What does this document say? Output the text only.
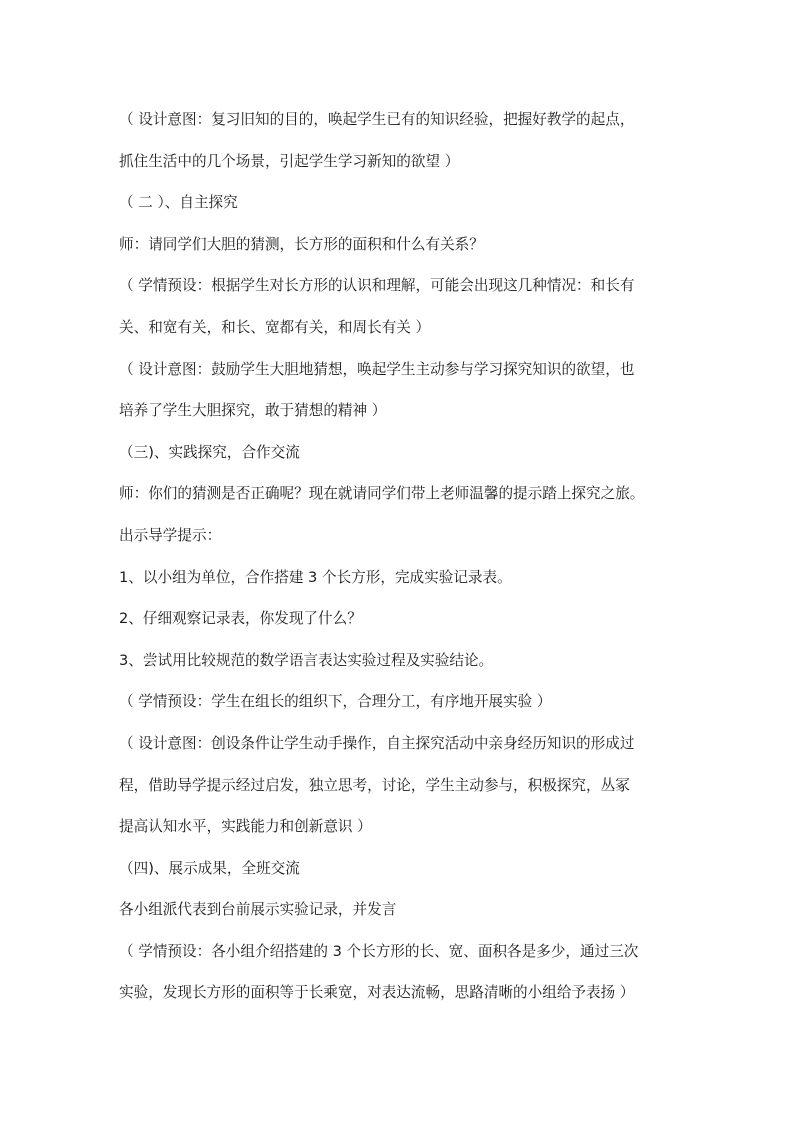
（ 设计意图：复习旧知的目的，唤起学生已有的知识经验，把握好教学的起点，
抓住生活中的几个场景，引起学生学习新知的欲望 ）
（ 二 ）、自主探究
师：请同学们大胆的猜测，长方形的面积和什么有关系？
（ 学情预设：根据学生对长方形的认识和理解，可能会出现这几种情况：和长有
关、和宽有关，和长、宽都有关，和周长有关 ）
（ 设计意图：鼓励学生大胆地猜想，唤起学生主动参与学习探究知识的欲望，也
培养了学生大胆探究，敢于猜想的精神 ）
（三)、实践探究，合作交流
师：你们的猜测是否正确呢？现在就请同学们带上老师温馨的提示踏上探究之旅。
出示导学提示：
1、以小组为单位，合作搭建 3 个长方形，完成实验记录表。
2、仔细观察记录表，你发现了什么？
3、尝试用比较规范的数学语言表达实验过程及实验结论。
（ 学情预设：学生在组长的组织下，合理分工，有序地开展实验 ）
（ 设计意图：创设条件让学生动手操作，自主探究活动中亲身经历知识的形成过
程，借助导学提示经过启发，独立思考，讨论，学生主动参与，积极探究，丛冢
提高认知水平，实践能力和创新意识 ）
（四)、展示成果，全班交流
各小组派代表到台前展示实验记录，并发言
（ 学情预设：各小组介绍搭建的 3 个长方形的长、宽、面积各是多少，通过三次
实验，发现长方形的面积等于长乘宽，对表达流畅，思路清晰的小组给予表扬 ）
